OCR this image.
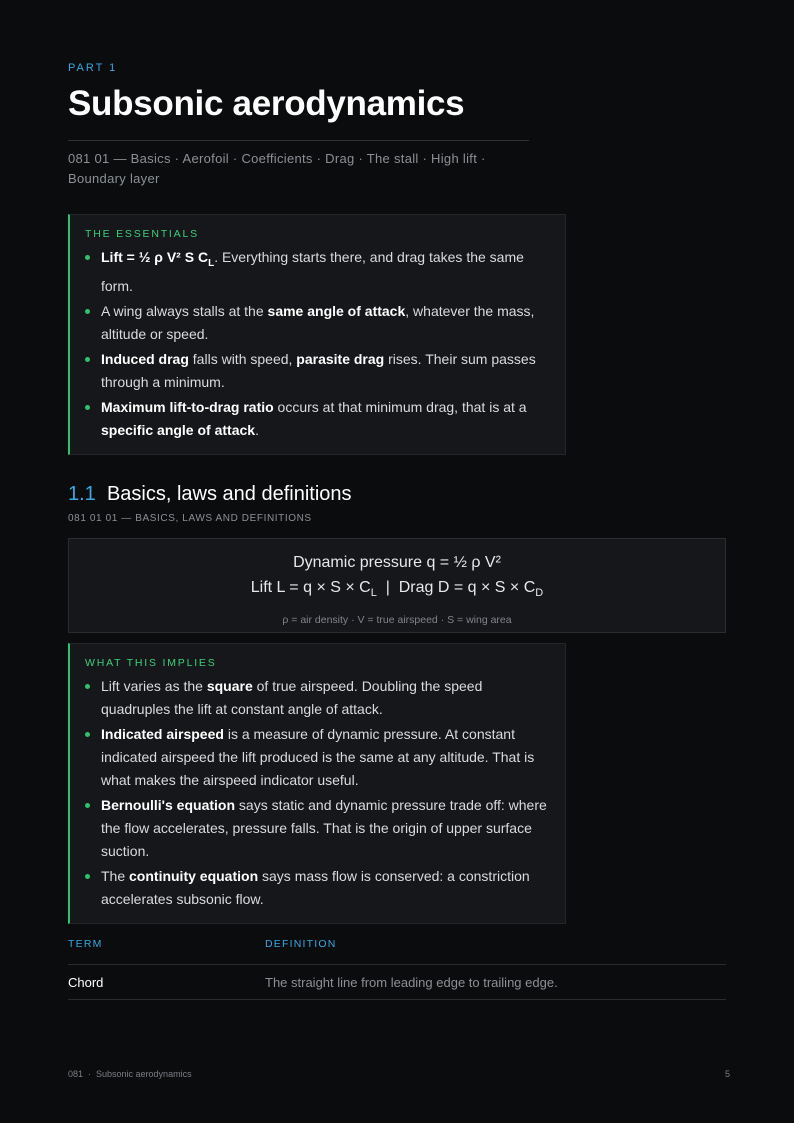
PART 1
Subsonic aerodynamics
081 01 — Basics · Aerofoil · Coefficients · Drag · The stall · High lift · Boundary layer
THE ESSENTIALS
Lift = ½ ρ V² S $C_L$. Everything starts there, and drag takes the same form.
A wing always stalls at the same angle of attack, whatever the mass, altitude or speed.
Induced drag falls with speed, parasite drag rises. Their sum passes through a minimum.
Maximum lift-to-drag ratio occurs at that minimum drag, that is at a specific angle of attack.
1.1 Basics, laws and definitions
081 01 01 — BASICS, LAWS AND DEFINITIONS
Dynamic pressure q = ½ ρ V²
Lift $L = q \times S \times C_L$ | Drag $D = q \times S \times C_D$
ρ = air density · V = true airspeed · S = wing area
WHAT THIS IMPLIES
Lift varies as the square of true airspeed. Doubling the speed quadruples the lift at constant angle of attack.
Indicated airspeed is a measure of dynamic pressure. At constant indicated airspeed the lift produced is the same at any altitude. That is what makes the airspeed indicator useful.
Bernoulli's equation says static and dynamic pressure trade off: where the flow accelerates, pressure falls. That is the origin of upper surface suction.
The continuity equation says mass flow is conserved: a constriction accelerates subsonic flow.
TERM	DEFINITION
Chord	The straight line from leading edge to trailing edge.
081  ·  Subsonic aerodynamics	5
